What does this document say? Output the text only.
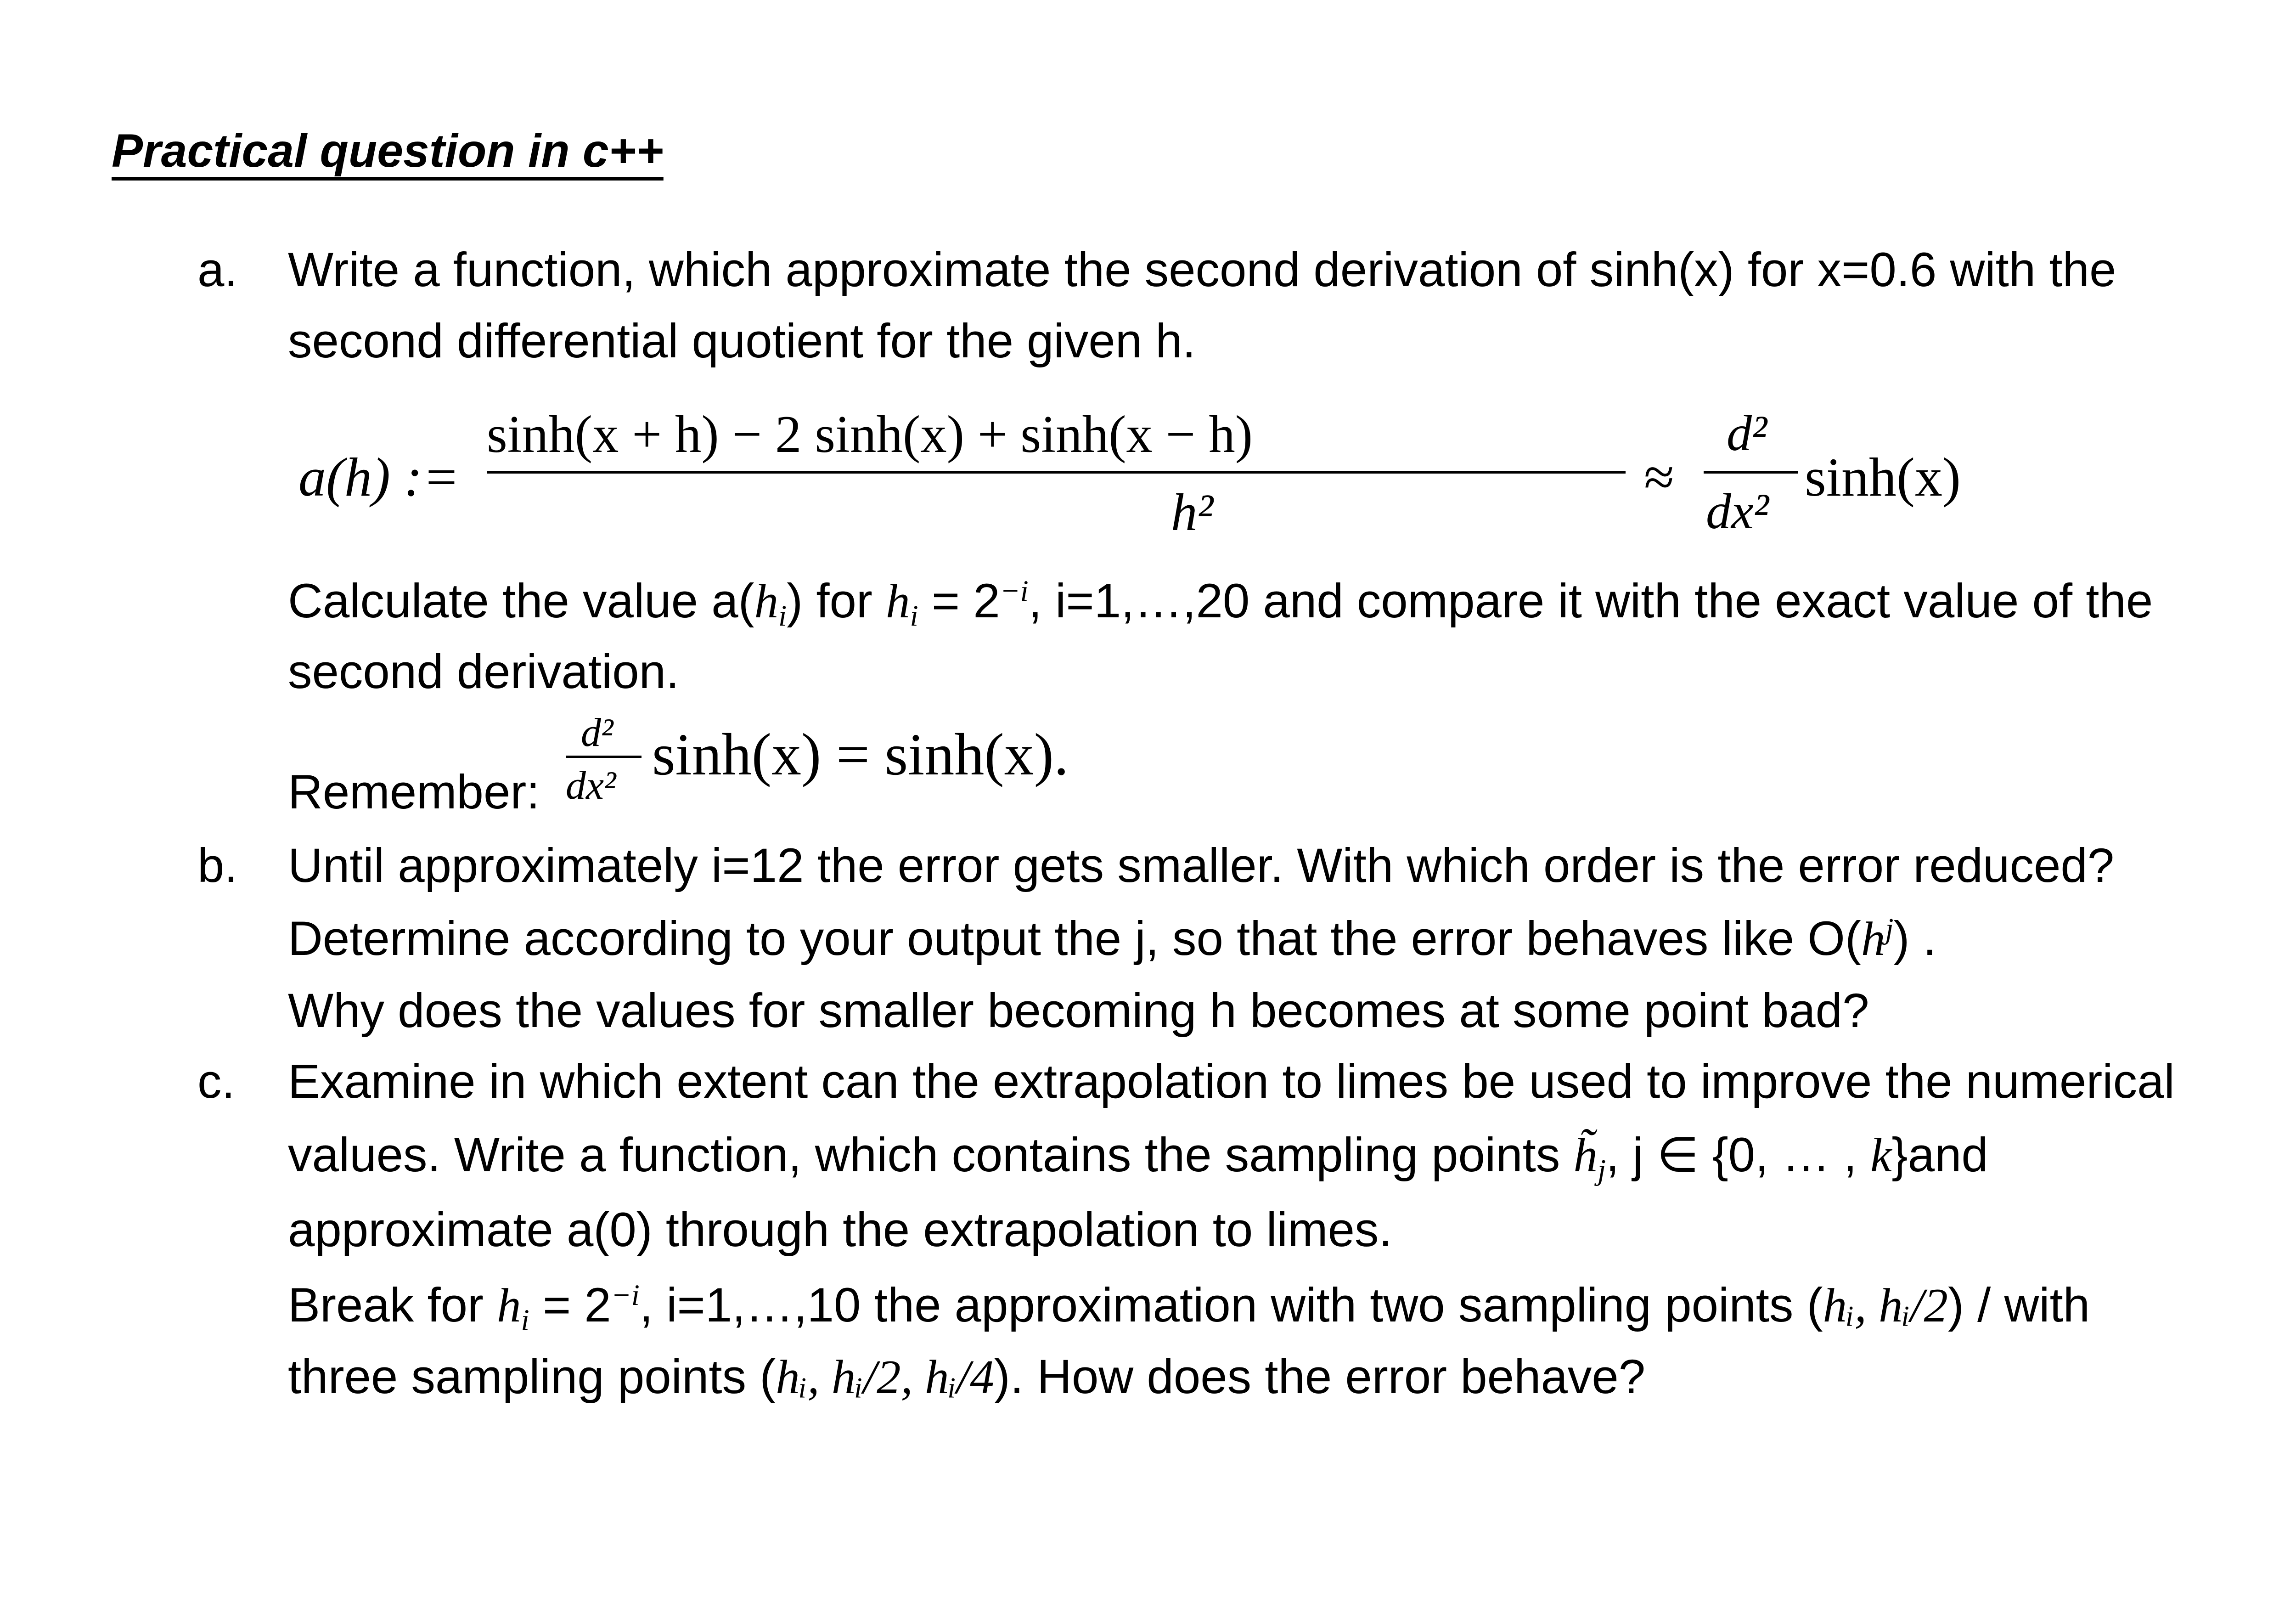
Practical question in c++
a. Write a function, which approximate the second derivation of sinh(x) for x=0.6 with the
second differential quotient for the given h.
a(h) :=
sinh(x + h) − 2 sinh(x) + sinh(x − h)
h²
≈
d²
dx²
sinh(x)
Calculate the value $a(h_i)$ for $h_i = 2^{-i}$, i=1,…,20 and compare it with the exact value of the
second derivation.
Remember:
d²
dx² sinh(x) = sinh(x).
b. Until approximately i=12 the error gets smaller. With which order is the error reduced?
Determine according to your output the j, so that the error behaves like $O(h^j)$ .
Why does the values for smaller becoming h becomes at some point bad?
c. Examine in which extent can the extrapolation to limes be used to improve the numerical
values. Write a function, which contains the sampling points $h̃_j$, j ∈ {0, … , k}and
approximate a(0) through the extrapolation to limes.
Break for $h_i = 2^{-i}$, i=1,…,10 the approximation with two sampling points (hᵢ, hᵢ/2) / with
three sampling points (hᵢ, hᵢ/2, hᵢ/4). How does the error behave?
